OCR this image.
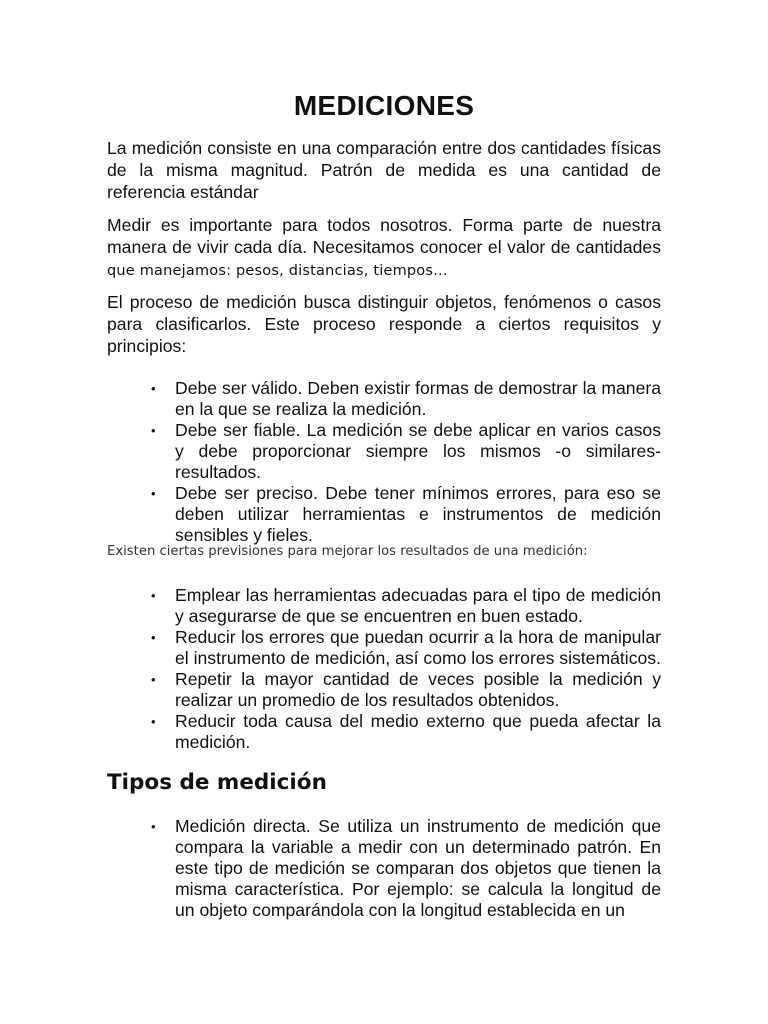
MEDICIONES

La medición consiste en una comparación entre dos cantidades físicas de la misma magnitud. Patrón de medida es una cantidad de referencia estándar

Medir es importante para todos nosotros. Forma parte de nuestra manera de vivir cada día. Necesitamos conocer el valor de cantidades que manejamos: pesos, distancias, tiempos…

El proceso de medición busca distinguir objetos, fenómenos o casos para clasificarlos. Este proceso responde a ciertos requisitos y principios:

• Debe ser válido. Deben existir formas de demostrar la manera en la que se realiza la medición.
• Debe ser fiable. La medición se debe aplicar en varios casos y debe proporcionar siempre los mismos -o similares- resultados.
• Debe ser preciso. Debe tener mínimos errores, para eso se deben utilizar herramientas e instrumentos de medición sensibles y fieles.

Existen ciertas previsiones para mejorar los resultados de una medición:

• Emplear las herramientas adecuadas para el tipo de medición y asegurarse de que se encuentren en buen estado.
• Reducir los errores que puedan ocurrir a la hora de manipular el instrumento de medición, así como los errores sistemáticos.
• Repetir la mayor cantidad de veces posible la medición y realizar un promedio de los resultados obtenidos.
• Reducir toda causa del medio externo que pueda afectar la medición.
Tipos de medición
• Medición directa. Se utiliza un instrumento de medición que compara la variable a medir con un determinado patrón. En este tipo de medición se comparan dos objetos que tienen la misma característica. Por ejemplo: se calcula la longitud de un objeto comparándola con la longitud establecida en un
